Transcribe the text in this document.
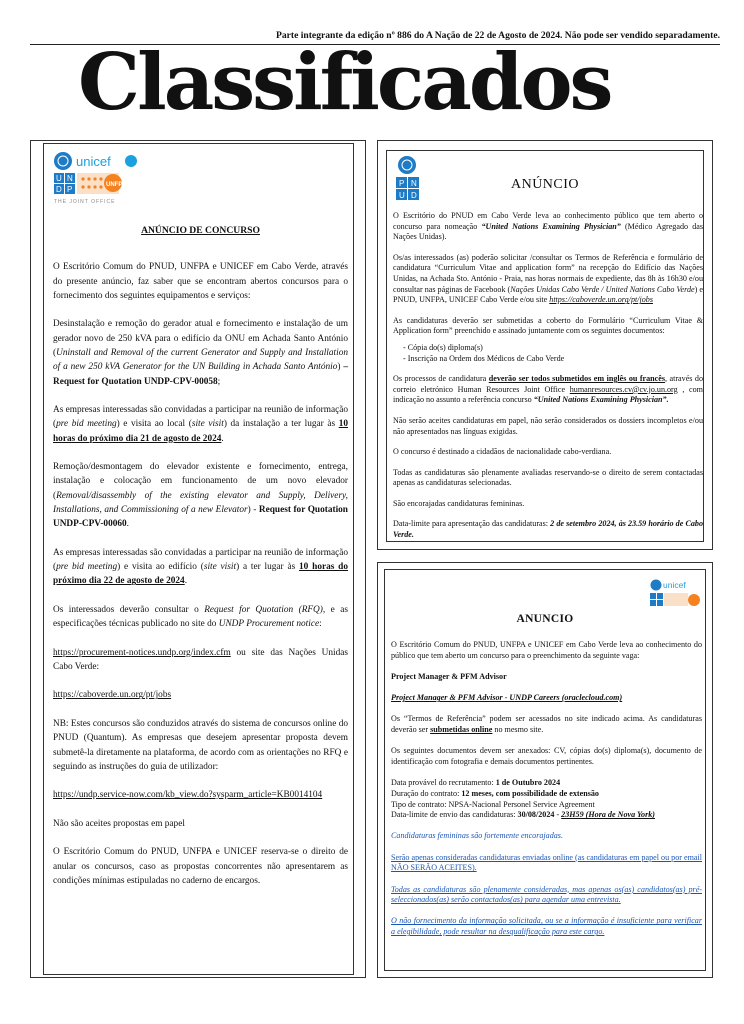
Parte integrante da edição nº 886 do A Nação de 22 de Agosto de 2024. Não pode ser vendido separadamente.
Classificados
unicef
U N
D P	UNFPA
THE JOINT OFFICE

ANÚNCIO DE CONCURSO

O Escritório Comum do PNUD, UNFPA e UNICEF em Cabo Verde, através do presente anúncio, faz saber que se encontram abertos concursos para o fornecimento dos seguintes equipamentos e serviços:

Desinstalação e remoção do gerador atual e fornecimento e instalação de um gerador novo de 250 kVA para o edifício da ONU em Achada Santo António (Uninstall and Removal of the current Generator and Supply and Installation of a new 250 kVA Generator for the UN Building in Achada Santo António) – Request for Quotation UNDP-CPV-00058;

As empresas interessadas são convidadas a participar na reunião de informação (pre bid meeting) e visita ao local (site visit) da instalação a ter lugar às 10 horas do próximo dia 21 de agosto de 2024.

Remoção/desmontagem do elevador existente e fornecimento, entrega, instalação e colocação em funcionamento de um novo elevador (Removal/disassembly of the existing elevator and Supply, Delivery, Installations, and Commissioning of a new Elevator) - Request for Quotation UNDP-CPV-00060.

As empresas interessadas são convidadas a participar na reunião de informação (pre bid meeting) e visita ao edifício (site visit) a ter lugar às 10 horas do próximo dia 22 de agosto de 2024.

Os interessados deverão consultar o Request for Quotation (RFQ), e as especificações técnicas publicado no site do UNDP Procurement notice:

https://procurement-notices.undp.org/index.cfm ou site das Nações Unidas Cabo Verde:

https://caboverde.un.org/pt/jobs

NB: Estes concursos são conduzidos através do sistema de concursos online do PNUD (Quantum). As empresas que desejem apresentar proposta devem submetê-la diretamente na plataforma, de acordo com as orientações no RFQ e seguindo as instruções do guia de utilizador:

https://undp.service-now.com/kb_view.do?sysparm_article=KB0014104

Não são aceites propostas em papel

O Escritório Comum do PNUD, UNFPA e UNICEF reserva-se o direito de anular os concursos, caso as propostas concorrentes não apresentarem as condições mínimas estipuladas no caderno de encargos.

P N
U D
ANÚNCIO

O Escritório do PNUD em Cabo Verde leva ao conhecimento público que tem aberto o concurso para nomeação “United Nations Examining Physician” (Médico Agregado das Nações Unidas).

Os/as interessados (as) poderão solicitar /consultar os Termos de Referência e formulário de candidatura “Curriculum Vitae and application form” na recepção do Edifício das Nações Unidas, na Achada Sto. António - Praia, nas horas normais de expediente, das 8h às 16h30 e/ou consultar nas páginas de Facebook (Nações Unidas Cabo Verde / United Nations Cabo Verde) e PNUD, UNFPA, UNICEF Cabo Verde e/ou site https://caboverde.un.org/pt/jobs

As candidaturas deverão ser submetidas a coberto do Formulário “Curriculum Vitae & Application form” preenchido e assinado juntamente com os seguintes documentos:

- Cópia do(s) diploma(s)
- Inscrição na Ordem dos Médicos de Cabo Verde

Os processos de candidatura deverão ser todos submetidos em inglês ou francês, através do correio eletrónico Human Resources Joint Office humanresources.cv@cv.jo.un.org , com indicação no assunto a referência concurso “United Nations Examining Physician”.

Não serão aceites candidaturas em papel, não serão considerados os dossiers incompletos e/ou não apresentados nas línguas exigidas.

O concurso é destinado a cidadãos de nacionalidade cabo-verdiana.

Todas as candidaturas são plenamente avaliadas reservando-se o direito de serem contactadas apenas as candidaturas selecionadas.

São encorajadas candidaturas femininas.

Data-limite para apresentação das candidaturas: 2 de setembro 2024, às 23.59 horário de Cabo Verde.

unicef
ANUNCIO

O Escritório Comum do PNUD, UNFPA e UNICEF em Cabo Verde leva ao conhecimento do público que tem aberto um concurso para o preenchimento da seguinte vaga:

Project Manager & PFM Advisor

Project Manager & PFM Advisor - UNDP Careers (oraclecloud.com)

Os “Termos de Referência” podem ser acessados no site indicado acima. As candidaturas deverão ser submetidas online no mesmo site.

Os seguintes documentos devem ser anexados: CV, cópias do(s) diploma(s), documento de identificação com fotografia e demais documentos pertinentes.

Data provável do recrutamento: 1 de Outubro 2024
Duração do contrato: 12 meses, com possibilidade de extensão
Tipo de contrato: NPSA-Nacional Personel Service Agreement
Data-limite de envio das candidaturas: 30/08/2024 - 23H59 (Hora de Nova York)

Candidaturas femininas são fortemente encorajadas.

Serão apenas consideradas candidaturas enviadas online (as candidaturas em papel ou por email NÃO SERÃO ACEITES).

Todas as candidaturas são plenamente consideradas, mas apenas os(as) candidatos(as) pré-seleccionados(as) serão contactados(as) para agendar uma entrevista.

O não fornecimento da informação solicitada, ou se a informação é insuficiente para verificar a elegibilidade, pode resultar na desqualificação para este cargo.
